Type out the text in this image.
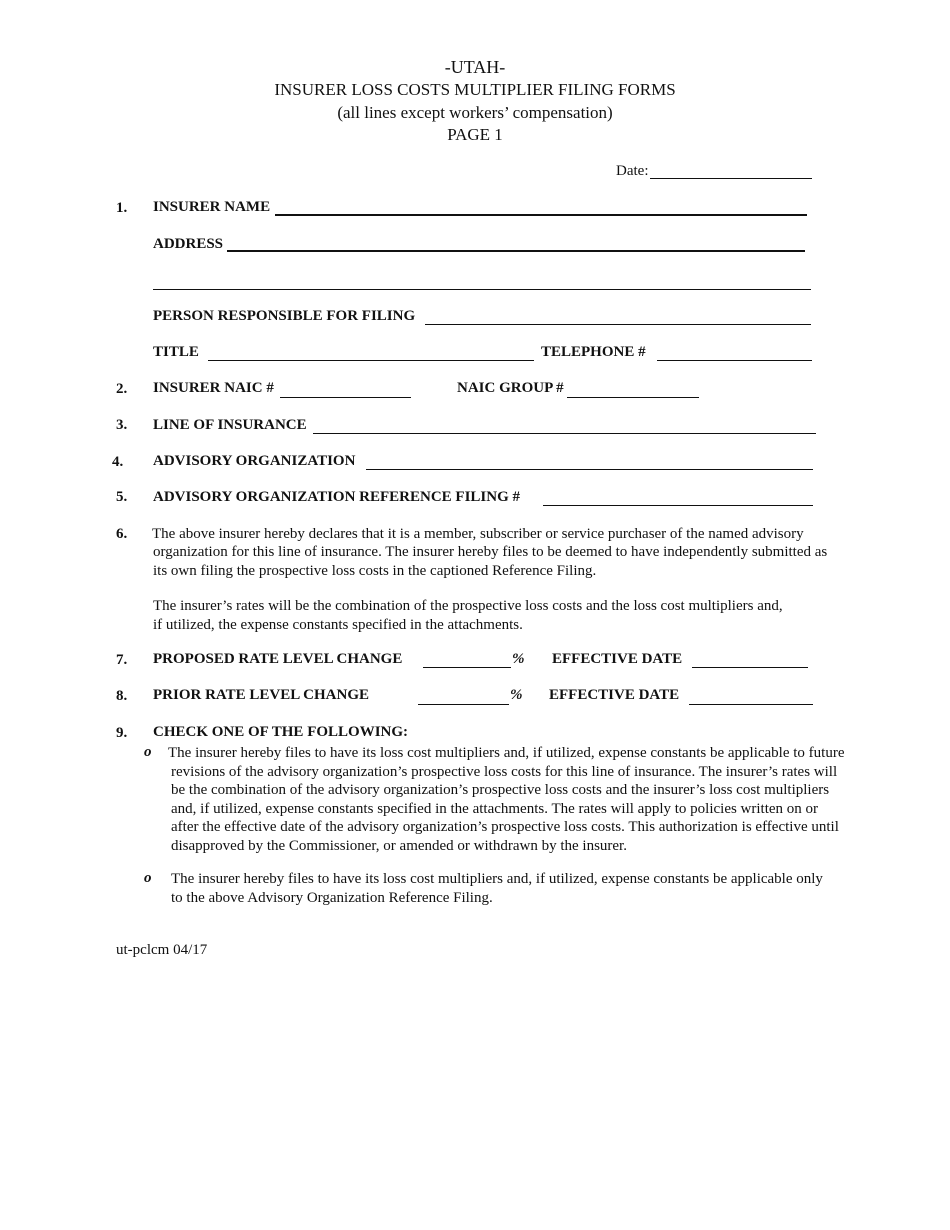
-UTAH-
INSURER LOSS COSTS MULTIPLIER FILING FORMS
(all lines except workers’ compensation)
PAGE 1
Date:
1. INSURER NAME
ADDRESS
PERSON RESPONSIBLE FOR FILING
TITLE	TELEPHONE #
2. INSURER NAIC #	NAIC GROUP #
3. LINE OF INSURANCE
4. ADVISORY ORGANIZATION
5. ADVISORY ORGANIZATION REFERENCE FILING #
6. The above insurer hereby declares that it is a member, subscriber or service purchaser of the named advisory
organization for this line of insurance. The insurer hereby files to be deemed to have independently submitted as its own filing the prospective loss costs in the captioned Reference Filing.
The insurer’s rates will be the combination of the prospective loss costs and the loss cost multipliers and, if utilized, the expense constants specified in the attachments.
7. PROPOSED RATE LEVEL CHANGE	% EFFECTIVE DATE
8. PRIOR RATE LEVEL CHANGE	% EFFECTIVE DATE
9. CHECK ONE OF THE FOLLOWING:
o The insurer hereby files to have its loss cost multipliers and, if utilized, expense constants be applicable to future revisions of the advisory organization’s prospective loss costs for this line of insurance. The insurer’s rates will be the combination of the advisory organization’s prospective loss costs and the insurer’s loss cost multipliers and, if utilized, expense constants specified in the attachments. The rates will apply to policies written on or after the effective date of the advisory organization’s prospective loss costs. This authorization is effective until disapproved by the Commissioner, or amended or withdrawn by the insurer.
o The insurer hereby files to have its loss cost multipliers and, if utilized, expense constants be applicable only to the above Advisory Organization Reference Filing.
ut-pclcm 04/17
